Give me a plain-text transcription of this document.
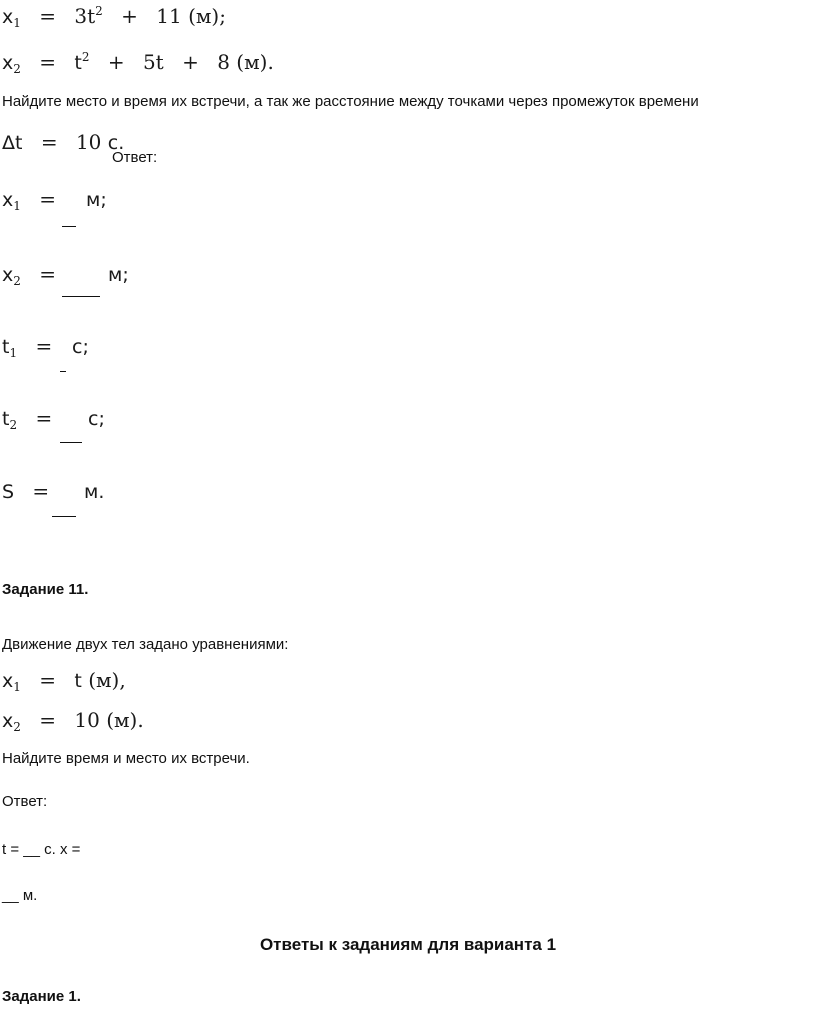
$x_1 = 3t^2 + 11$ (м);
$x_2 = t^2 + 5t + 8$ (м).
Найдите место и время их встречи, а так же расстояние между точками через промежуток времени
Δt = 10 с.
Ответ:
$x_1$ =	м;
$x_2$ =	м;
$t_1$ =	с;
$t_2$ =	с;
S =	м.
Задание 11.
Движение двух тел задано уравнениями:
$x_1 = t$ (м),
$x_2 = 10$ (м).
Найдите время и место их встречи.
Ответ:
t = __ с. x =
__ м.
Ответы к заданиям для варианта 1
Задание 1.
